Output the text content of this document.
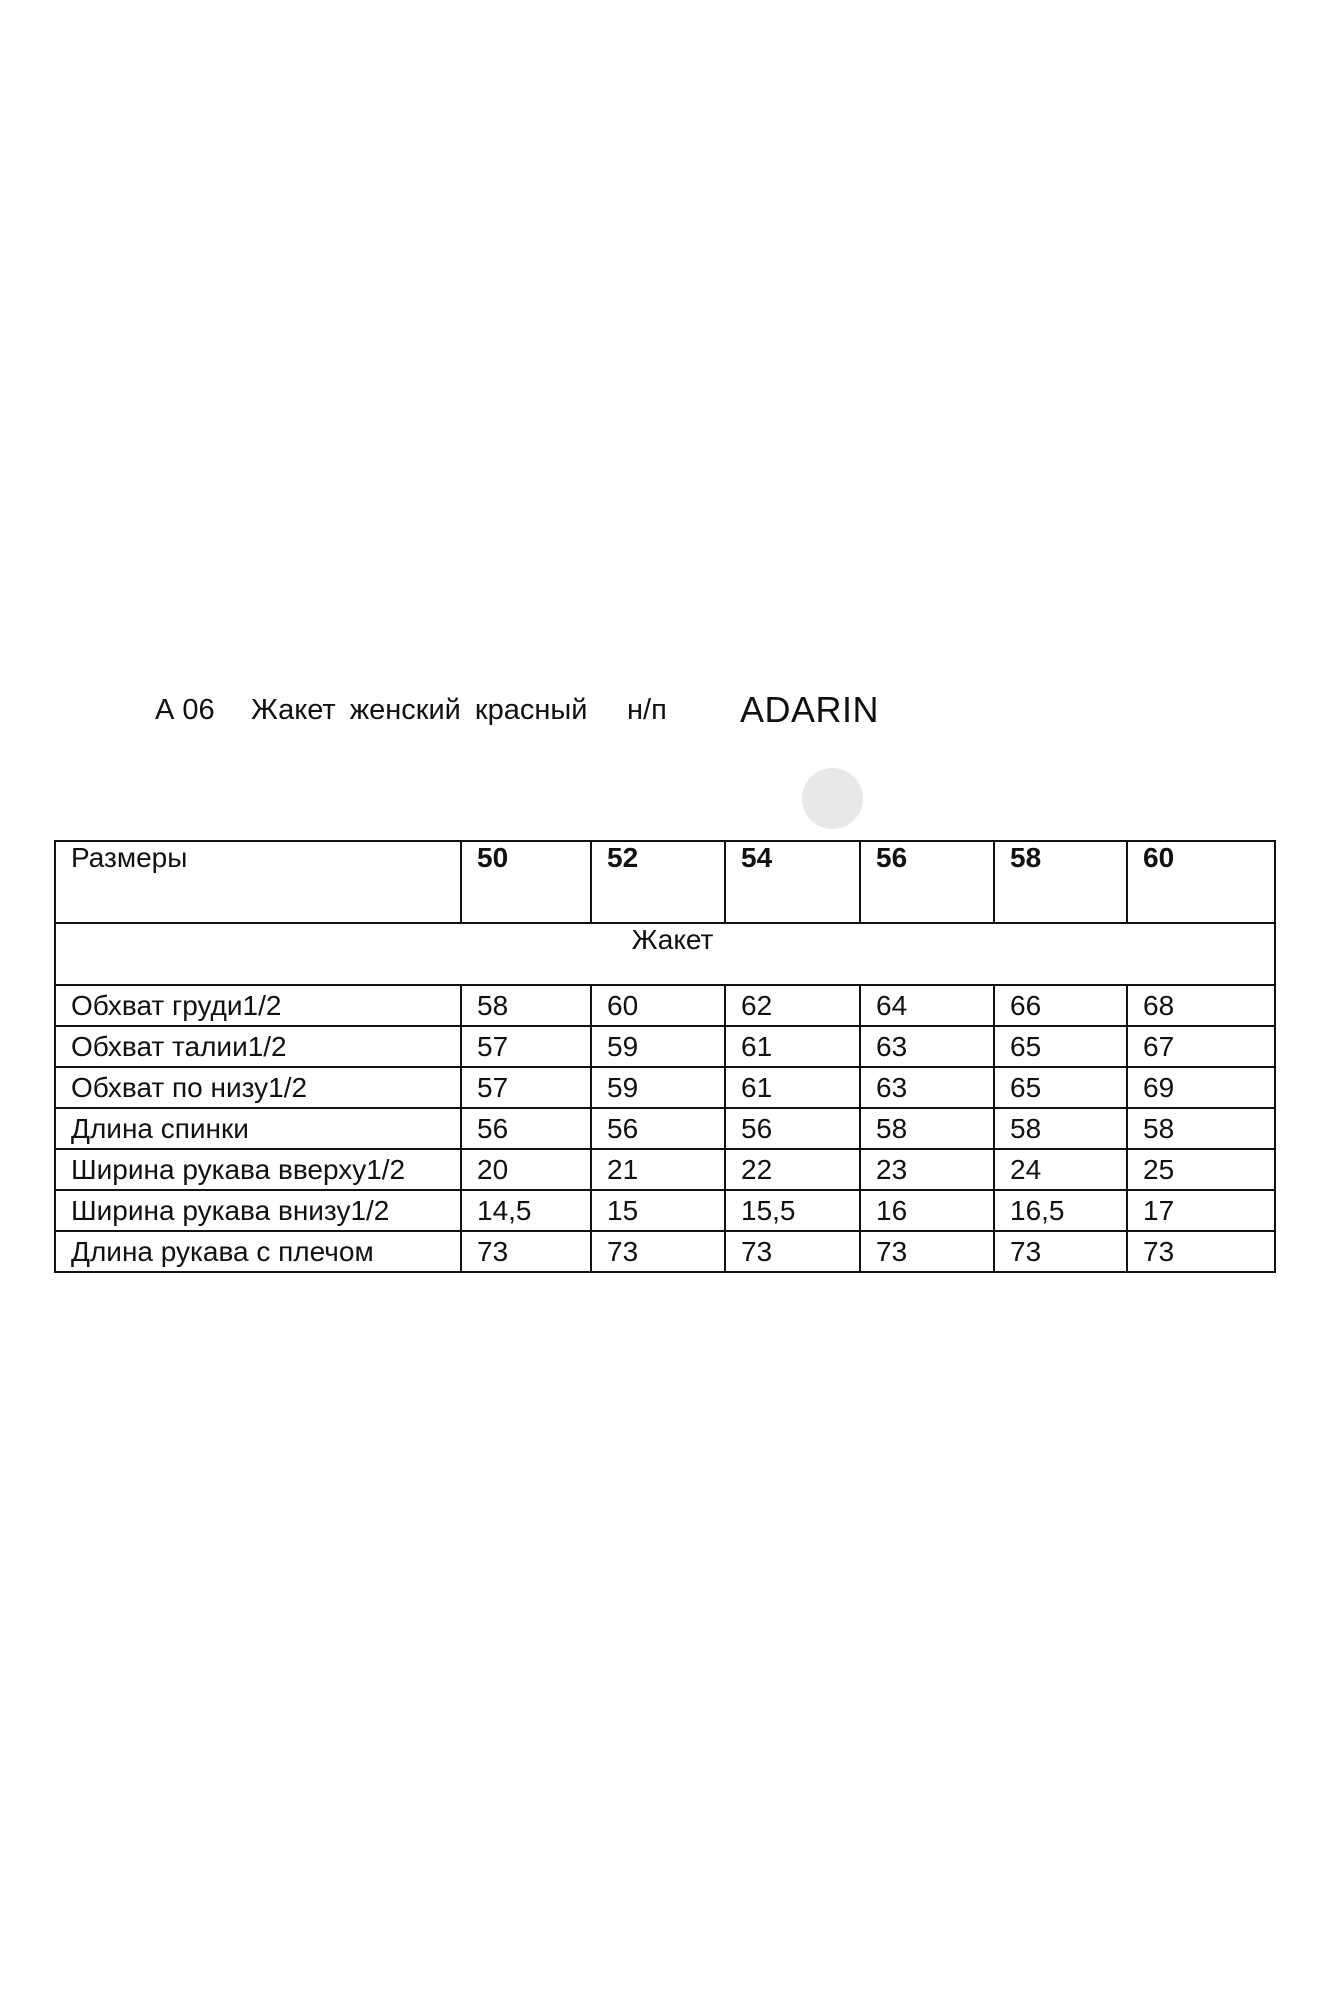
А 06 Жакет женский красный н/п ADARIN
Размеры	50	52	54	56	58	60
Жакет						
Обхват груди1/2	58	60	62	64	66	68
Обхват талии1/2	57	59	61	63	65	67
Обхват по низу1/2	57	59	61	63	65	69
Длина спинки	56	56	56	58	58	58
Ширина рукава вверху1/2	20	21	22	23	24	25
Ширина рукава внизу1/2	14,5	15	15,5	16	16,5	17
Длина рукава с плечом	73	73	73	73	73	73
